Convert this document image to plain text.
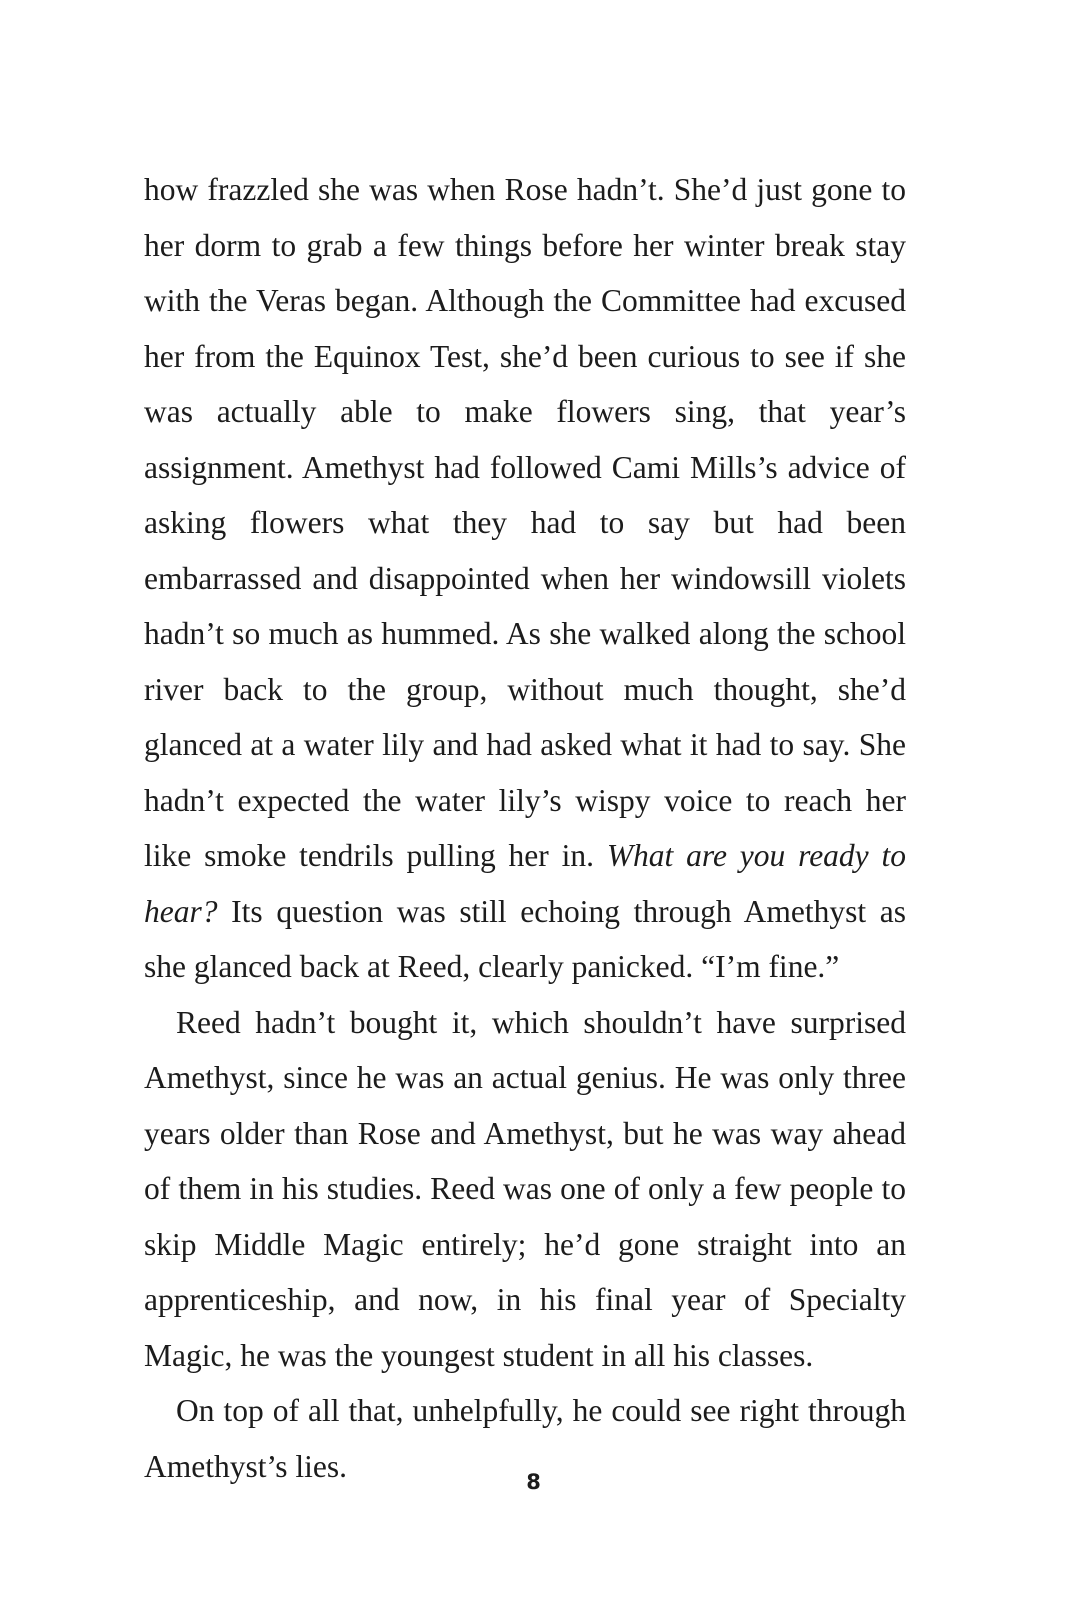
how frazzled she was when Rose hadn’t. She’d just gone to her dorm to grab a few things before her winter break stay with the Veras began. Although the Committee had excused her from the Equinox Test, she’d been curious to see if she was actually able to make flowers sing, that year’s assignment. Amethyst had followed Cami Mills’s advice of asking flowers what they had to say but had been embarrassed and disappointed when her windowsill violets hadn’t so much as hummed. As she walked along the school river back to the group, without much thought, she’d glanced at a water lily and had asked what it had to say. She hadn’t expected the water lily’s wispy voice to reach her like smoke tendrils pulling her in. What are you ready to hear? Its question was still echoing through Amethyst as she glanced back at Reed, clearly panicked. “I’m fine.”

Reed hadn’t bought it, which shouldn’t have surprised Amethyst, since he was an actual genius. He was only three years older than Rose and Amethyst, but he was way ahead of them in his studies. Reed was one of only a few people to skip Middle Magic entirely; he’d gone straight into an apprenticeship, and now, in his final year of Specialty Magic, he was the youngest student in all his classes.

On top of all that, unhelpfully, he could see right through Amethyst’s lies.	8
